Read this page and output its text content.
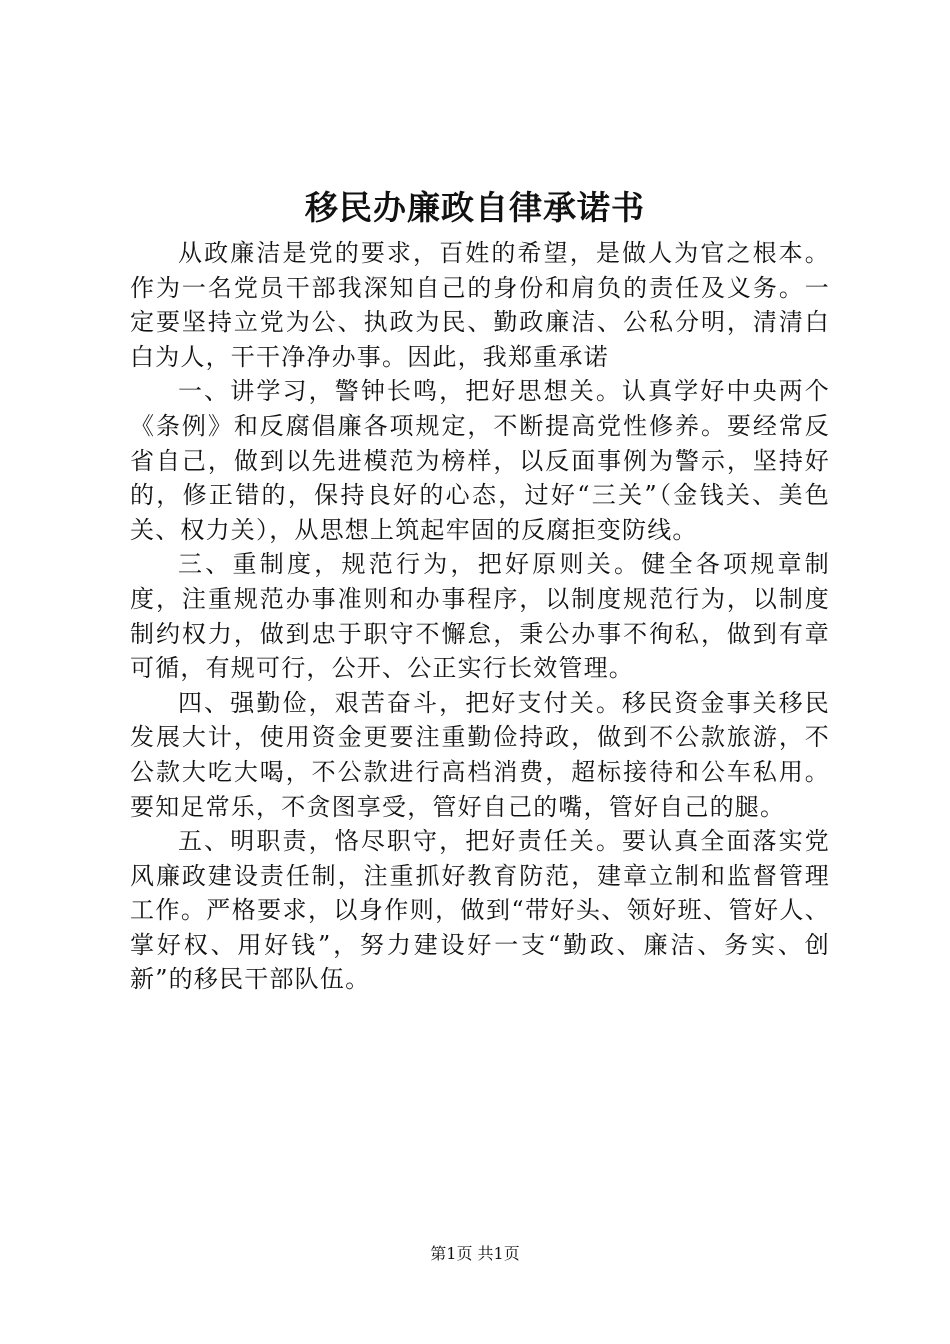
移民办廉政自律承诺书

从政廉洁是党的要求，百姓的希望，是做人为官之根本。作为一名党员干部我深知自己的身份和肩负的责任及义务。一定要坚持立党为公、执政为民、勤政廉洁、公私分明，清清白白为人，干干净净办事。因此，我郑重承诺

一、讲学习，警钟长鸣，把好思想关。认真学好中央两个《条例》和反腐倡廉各项规定，不断提高党性修养。要经常反省自己，做到以先进模范为榜样，以反面事例为警示，坚持好的，修正错的，保持良好的心态，过好“三关”（金钱关、美色关、权力关），从思想上筑起牢固的反腐拒变防线。

三、重制度，规范行为，把好原则关。健全各项规章制度，注重规范办事准则和办事程序，以制度规范行为，以制度制约权力，做到忠于职守不懈怠，秉公办事不徇私，做到有章可循，有规可行，公开、公正实行长效管理。

四、强勤俭，艰苦奋斗，把好支付关。移民资金事关移民发展大计，使用资金更要注重勤俭持政，做到不公款旅游，不公款大吃大喝，不公款进行高档消费，超标接待和公车私用。要知足常乐，不贪图享受，管好自己的嘴，管好自己的腿。

五、明职责，恪尽职守，把好责任关。要认真全面落实党风廉政建设责任制，注重抓好教育防范，建章立制和监督管理工作。严格要求，以身作则，做到“带好头、领好班、管好人、掌好权、用好钱”，努力建设好一支“勤政、廉洁、务实、创新”的移民干部队伍。

第1页 共1页
